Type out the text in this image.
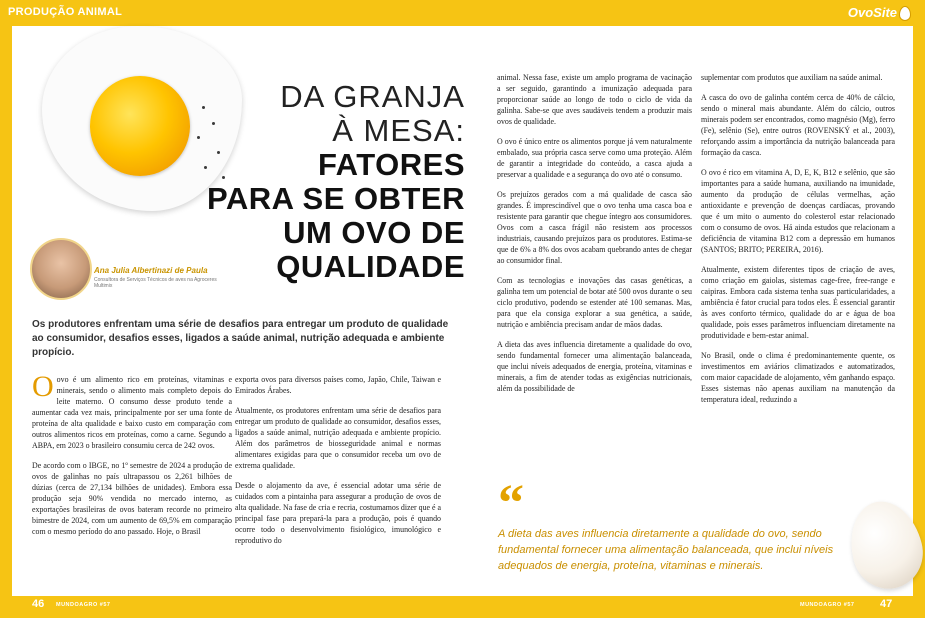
PRODUÇÃO ANIMAL	OvoSite
DA GRANJA
À MESA:
FATORES
PARA SE OBTER
UM OVO DE
QUALIDADE
Ana Julia Albertinazi de Paula
Consultora de Serviços Técnicos de aves na Agroceres Multimix
Os produtores enfrentam uma série de desafios para entregar um produto de qualidade ao consumidor, desafios esses, ligados a saúde animal, nutrição adequada e ambiente propício.

Oovo é um alimento rico em proteínas, vitaminas e minerais, sendo o alimento mais completo depois do leite materno. O consumo desse produto tende a aumentar cada vez mais, principalmente por ser uma fonte de proteína de alta qualidade e baixo custo em comparação com outros alimentos ricos em proteínas, como a carne. Segundo a ABPA, em 2023 o brasileiro consumiu cerca de 242 ovos.

De acordo com o IBGE, no 1º semestre de 2024 a produção de ovos de galinhas no país ultrapassou os 2,261 bilhões de dúzias (cerca de 27,134 bilhões de unidades). Embora essa produção seja 90% vendida no mercado interno, as exportações brasileiras de ovos bateram recorde no primeiro bimestre de 2024, com um aumento de 69,5% em comparação com o mesmo período do ano passado. Hoje, o Brasil

exporta ovos para diversos países como, Japão, Chile, Taiwan e Emirados Árabes.

Atualmente, os produtores enfrentam uma série de desafios para entregar um produto de qualidade ao consumidor, desafios esses, ligados a saúde animal, nutrição adequada e ambiente propício. Além dos parâmetros de biosseguridade animal e normas alimentares exigidas para que o consumidor receba um ovo de extrema qualidade.

Desde o alojamento da ave, é essencial adotar uma série de cuidados com a pintainha para assegurar a produção de ovos de alta qualidade. Na fase de cria e recria, costumamos dizer que é a principal fase para prepará-la para a produção, pois é quando ocorre todo o desenvolvimento fisiológico, imunológico e reprodutivo do

animal. Nessa fase, existe um amplo programa de vacinação a ser seguido, garantindo a imunização adequada para proporcionar saúde ao longo de todo o ciclo de vida da galinha. Sabe-se que aves saudáveis tendem a produzir mais ovos de qualidade.

O ovo é único entre os alimentos porque já vem naturalmente embalado, sua própria casca serve como uma proteção. Além de garantir a integridade do conteúdo, a casca ajuda a preservar a qualidade e a segurança do ovo até o consumo.

Os prejuízos gerados com a má qualidade de casca são grandes. É imprescindível que o ovo tenha uma casca boa e resistente para garantir que chegue íntegro aos consumidores. Ovos com a casca frágil não resistem aos processos industriais, causando prejuízos para os produtores. Estima-se que de 6% a 8% dos ovos acabam quebrando antes de chegar ao consumidor final.

Com as tecnologias e inovações das casas genéticas, a galinha tem um potencial de botar até 500 ovos durante o seu ciclo produtivo, podendo se estender até 100 semanas. Mas, para que ela consiga explorar a sua genética, a saúde, nutrição e ambiência precisam andar de mãos dadas.

A dieta das aves influencia diretamente a qualidade do ovo, sendo fundamental fornecer uma alimentação balanceada, que inclui níveis adequados de energia, proteína, vitaminas e minerais, a fim de atender todas as exigências nutricionais, além da possibilidade de

suplementar com produtos que auxiliam na saúde animal.

A casca do ovo de galinha contém cerca de 40% de cálcio, sendo o mineral mais abundante. Além do cálcio, outros minerais podem ser encontrados, como magnésio (Mg), ferro (Fe), selênio (Se), entre outros (ROVENSKÝ et al., 2003), reforçando assim a importância da nutrição balanceada para formação da casca.

O ovo é rico em vitamina A, D, E, K, B12 e selênio, que são importantes para a saúde humana, auxiliando na imunidade, aumento da produção de células vermelhas, ação antioxidante e prevenção de doenças cardíacas, provando que é um mito o aumento do colesterol estar relacionado com o consumo de ovos. Há ainda estudos que relacionam a deficiência de vitamina B12 com a depressão em humanos (SANTOS; BRITO; PEREIRA, 2016).

Atualmente, existem diferentes tipos de criação de aves, como criação em gaiolas, sistemas cage-free, free-range e caipiras. Embora cada sistema tenha suas particularidades, a ambiência é fator crucial para todos eles. É essencial garantir às aves conforto térmico, qualidade do ar e água de boa qualidade, pois esses parâmetros influenciam diretamente na produtividade e bem-estar animal.

No Brasil, onde o clima é predominantemente quente, os investimentos em aviários climatizados e automatizados, com maior capacidade de alojamento, vêm ganhando espaço. Esses sistemas não apenas auxiliam na manutenção da temperatura ideal, reduzindo a

“
A dieta das aves influencia diretamente a qualidade do ovo, sendo fundamental fornecer uma alimentação balanceada, que inclui níveis adequados de energia, proteína, vitaminas e minerais.
46 MUNDOAGRO #57	MUNDOAGRO #57 47
